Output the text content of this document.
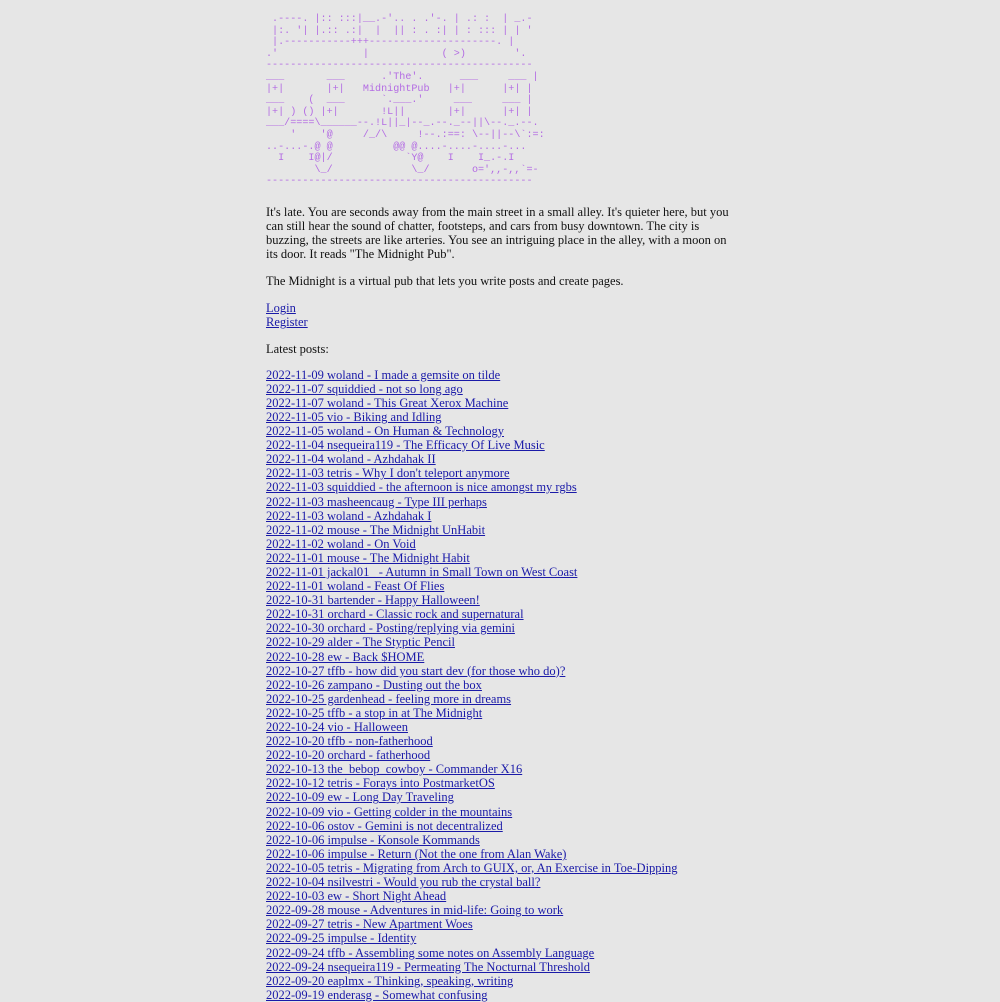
.----. |:: :::|__.-'.. . .'-. | .: :  | _.-
|:. '| |.:: .:|  |  || : . :| | : ::: | | '
|.-----------+++---------------------. |
.'              |            ( >)        '.
--------------------------------------------
___       ___      .'The'.      ___     ___ |
|+|       |+|   MidnightPub   |+|      |+| |
___    (  ___      `.___.'     ___     ___ |
|+| ) () |+|       !L||       |+|      |+| |
___/====\______--.!L||_|--_.--._--||\--._.--.
'    '@     /_/\     !--.:==: \--||--\`:=:
..-...-.@ @          @@ @....-....-....-...
I    I@|/            `Y@    I    I_.-.I
\_/             \_/       o=',,-,,`=-
--------------------------------------------

It's late. You are seconds away from the main street in a small alley. It's quieter here, but you can still hear the sound of chatter, footsteps, and cars from busy downtown. The city is buzzing, the streets are like arteries. You see an intriguing place in the alley, with a moon on its door. It reads "The Midnight Pub".

The Midnight is a virtual pub that lets you write posts and create pages.

Login
Register

Latest posts:

2022-11-09 woland - I made a gemsite on tilde
2022-11-07 squiddied - not so long ago
2022-11-07 woland - This Great Xerox Machine
2022-11-05 vio - Biking and Idling
2022-11-05 woland - On Human & Technology
2022-11-04 nsequeira119 - The Efficacy Of Live Music
2022-11-04 woland - Azhdahak II
2022-11-03 tetris - Why I don't teleport anymore
2022-11-03 squiddied - the afternoon is nice amongst my rgbs
2022-11-03 masheencaug - Type III perhaps
2022-11-03 woland - Azhdahak I
2022-11-02 mouse - The Midnight UnHabit
2022-11-02 woland - On Void
2022-11-01 mouse - The Midnight Habit
2022-11-01 jackal01_ - Autumn in Small Town on West Coast
2022-11-01 woland - Feast Of Flies
2022-10-31 bartender - Happy Halloween!
2022-10-31 orchard - Classic rock and supernatural
2022-10-30 orchard - Posting/replying via gemini
2022-10-29 alder - The Styptic Pencil
2022-10-28 ew - Back $HOME
2022-10-27 tffb - how did you start dev (for those who do)?
2022-10-26 zampano - Dusting out the box
2022-10-25 gardenhead - feeling more in dreams
2022-10-25 tffb - a stop in at The Midnight
2022-10-24 vio - Halloween
2022-10-20 tffb - non-fatherhood
2022-10-20 orchard - fatherhood
2022-10-13 the_bebop_cowboy - Commander X16
2022-10-12 tetris - Forays into PostmarketOS
2022-10-09 ew - Long Day Traveling
2022-10-09 vio - Getting colder in the mountains
2022-10-06 ostov - Gemini is not decentralized
2022-10-06 impulse - Konsole Kommands
2022-10-06 impulse - Return (Not the one from Alan Wake)
2022-10-05 tetris - Migrating from Arch to GUIX, or, An Exercise in Toe-Dipping
2022-10-04 nsilvestri - Would you rub the crystal ball?
2022-10-03 ew - Short Night Ahead
2022-09-28 mouse - Adventures in mid-life: Going to work
2022-09-27 tetris - New Apartment Woes
2022-09-25 impulse - Identity
2022-09-24 tffb - Assembling some notes on Assembly Language
2022-09-24 nsequeira119 - Permeating The Nocturnal Threshold
2022-09-20 eaplmx - Thinking, speaking, writing
2022-09-19 enderasg - Somewhat confusing
